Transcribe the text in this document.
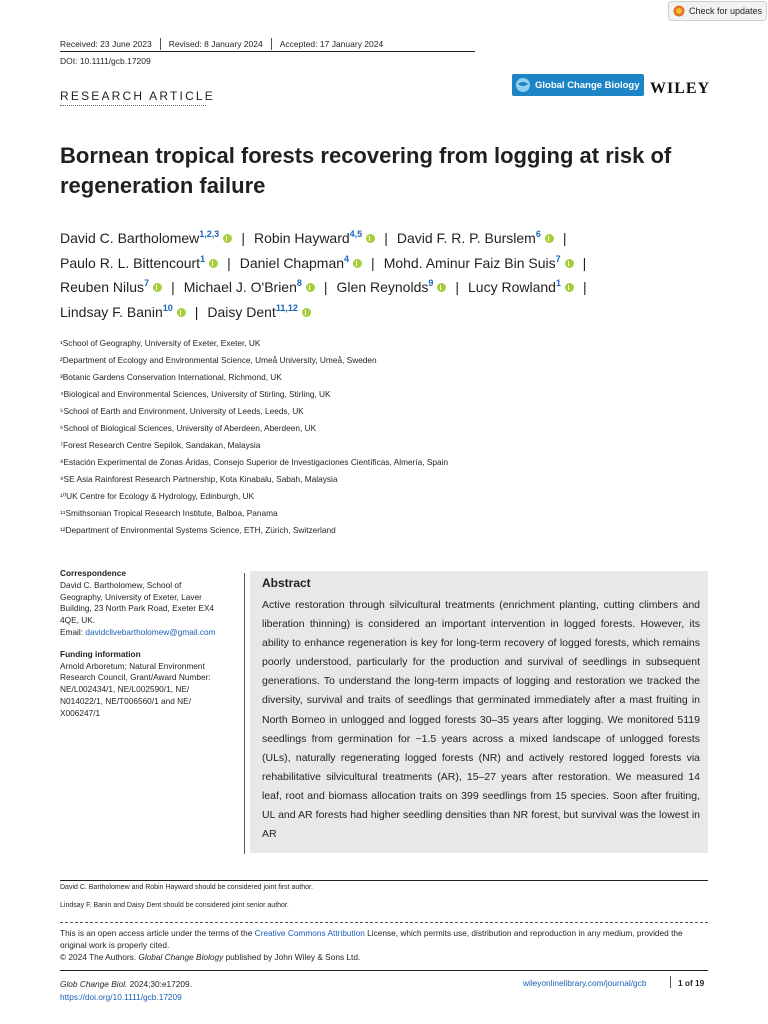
Check for updates
Received: 23 June 2023 Revised: 8 January 2024 Accepted: 17 January 2024
DOI: 10.1111/gcb.17209
RESEARCH ARTICLE
Global Change Biology WILEY
Bornean tropical forests recovering from logging at risk of regeneration failure
David C. Bartholomew$^{1,2,3}$ | Robin Hayward$^{4,5}$ | David F. R. P. Burslem$^6$ |
Paulo R. L. Bittencourt$^1$ | Daniel Chapman$^4$ | Mohd. Aminur Faiz Bin Suis$^7$ |
Reuben Nilus$^7$ | Michael J. O'Brien$^8$ | Glen Reynolds$^9$ | Lucy Rowland$^1$ |
Lindsay F. Banin$^{10}$ | Daisy Dent$^{11,12}$
¹School of Geography, University of Exeter, Exeter, UK
²Department of Ecology and Environmental Science, Umeå University, Umeå, Sweden
³Botanic Gardens Conservation International, Richmond, UK
⁴Biological and Environmental Sciences, University of Stirling, Stirling, UK
⁵School of Earth and Environment, University of Leeds, Leeds, UK
⁶School of Biological Sciences, University of Aberdeen, Aberdeen, UK
⁷Forest Research Centre Sepilok, Sandakan, Malaysia
⁸Estación Experimental de Zonas Áridas, Consejo Superior de Investigaciones Científicas, Almería, Spain
⁹SE Asia Rainforest Research Partnership, Kota Kinabalu, Sabah, Malaysia
¹⁰UK Centre for Ecology & Hydrology, Edinburgh, UK
¹¹Smithsonian Tropical Research Institute, Balboa, Panama
¹²Department of Environmental Systems Science, ETH, Zürich, Switzerland
Correspondence
David C. Bartholomew, School of
Geography, University of Exeter, Laver
Building, 23 North Park Road, Exeter EX4
4QE, UK.
Email: davidclivebartholomew@gmail.com
Funding information
Arnold Arboretum; Natural Environment
Research Council, Grant/Award Number:
NE/L002434/1, NE/L002590/1, NE/
N014022/1, NE/T006560/1 and NE/
X006247/1
Abstract
Active restoration through silvicultural treatments (enrichment planting, cutting climbers and liberation thinning) is considered an important intervention in logged forests. However, its ability to enhance regeneration is key for long-term recovery of logged forests, which remains poorly understood, particularly for the production and survival of seedlings in subsequent generations. To understand the long-term impacts of logging and restoration we tracked the diversity, survival and traits of seedlings that germinated immediately after a mast fruiting in North Borneo in unlogged and logged forests 30–35 years after logging. We monitored 5119 seedlings from germination for ~1.5 years across a mixed landscape of unlogged forests (ULs), naturally regenerating logged forests (NR) and actively restored logged forests via rehabilitative silvicultural treatments (AR), 15–27 years after restoration. We measured 14 leaf, root and biomass allocation traits on 399 seedlings from 15 species. Soon after fruiting, UL and AR forests had higher seedling densities than NR forest, but survival was the lowest in AR
David C. Bartholomew and Robin Hayward should be considered joint first author.
Lindsay F. Banin and Daisy Dent should be considered joint senior author.
This is an open access article under the terms of the Creative Commons Attribution License, which permits use, distribution and reproduction in any medium, provided the original work is properly cited.
© 2024 The Authors. Global Change Biology published by John Wiley & Sons Ltd.
Glob Change Biol. 2024;30:e17209.
https://doi.org/10.1111/gcb.17209
wileyonlinelibrary.com/journal/gcb	1 of 19
